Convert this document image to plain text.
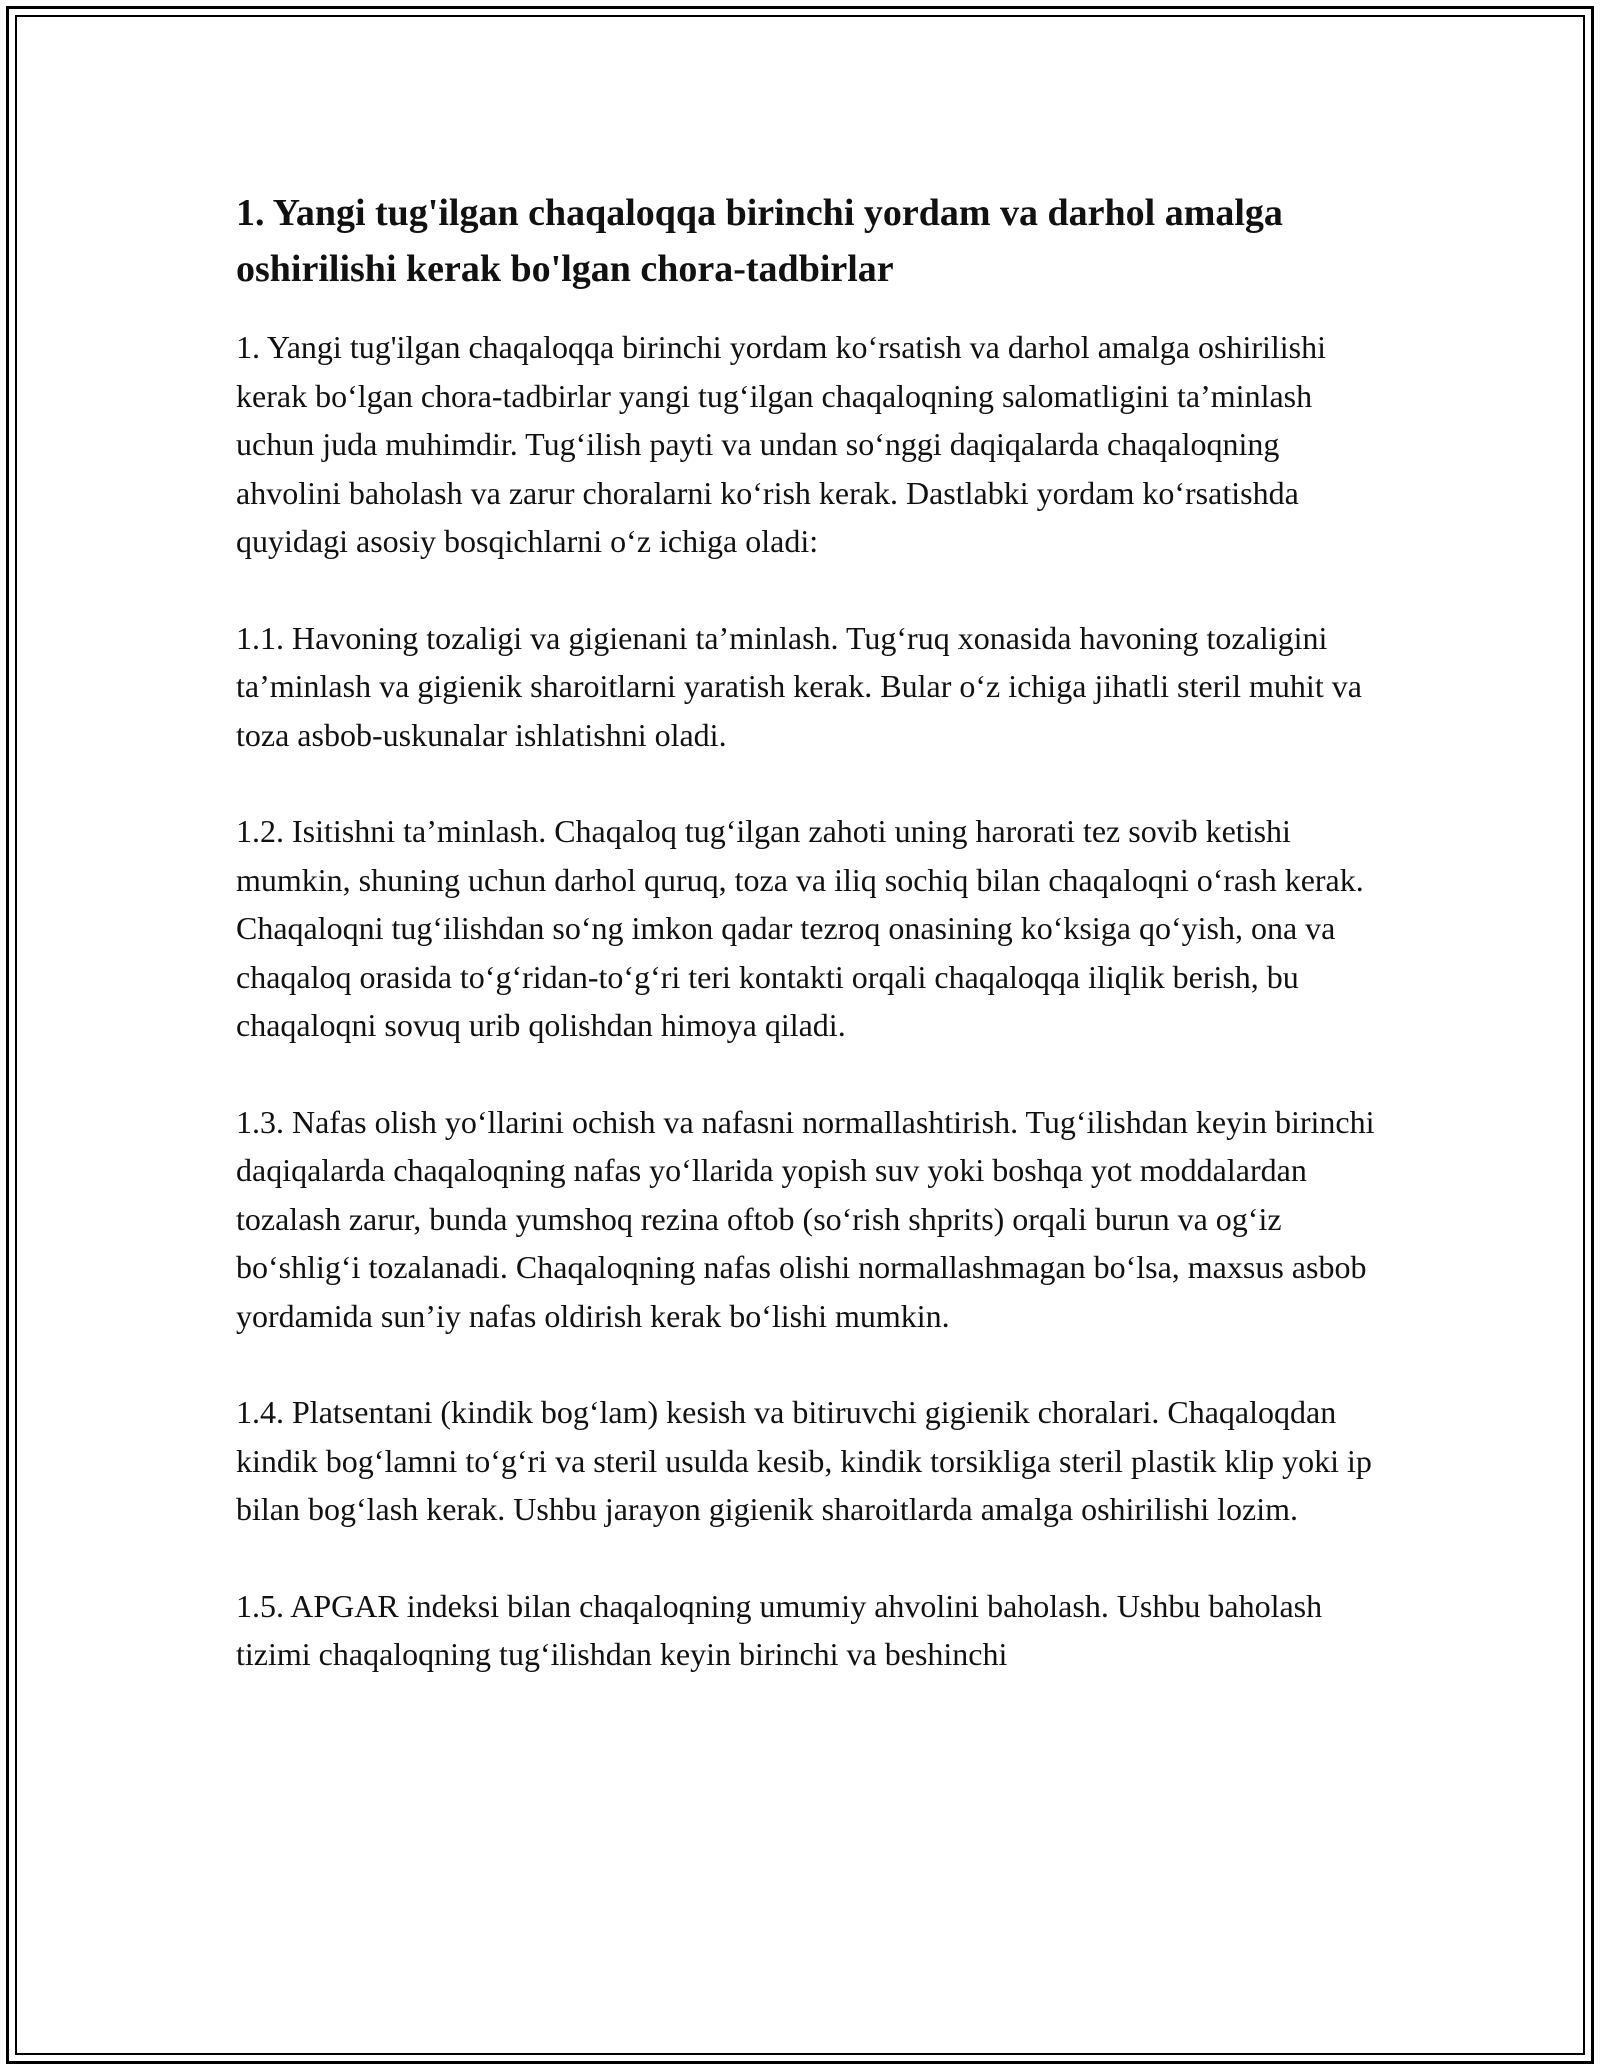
1. Yangi tug'ilgan chaqaloqqa birinchi yordam va darhol amalga oshirilishi kerak bo'lgan chora-tadbirlar

1. Yangi tug'ilgan chaqaloqqa birinchi yordam koʻrsatish va darhol amalga oshirilishi kerak boʻlgan chora-tadbirlar yangi tugʻilgan chaqaloqning salomatligini ta’minlash uchun juda muhimdir. Tugʻilish payti va undan soʻnggi daqiqalarda chaqaloqning ahvolini baholash va zarur choralarni koʻrish kerak. Dastlabki yordam koʻrsatishda quyidagi asosiy bosqichlarni oʻz ichiga oladi:

1.1. Havoning tozaligi va gigienani ta’minlash. Tugʻruq xonasida havoning tozaligini ta’minlash va gigienik sharoitlarni yaratish kerak. Bular oʻz ichiga jihatli steril muhit va toza asbob-uskunalar ishlatishni oladi.

1.2. Isitishni ta’minlash. Chaqaloq tugʻilgan zahoti uning harorati tez sovib ketishi mumkin, shuning uchun darhol quruq, toza va iliq sochiq bilan chaqaloqni oʻrash kerak. Chaqaloqni tugʻilishdan soʻng imkon qadar tezroq onasining koʻksiga qoʻyish, ona va chaqaloq orasida toʻgʻridan-toʻgʻri teri kontakti orqali chaqaloqqa iliqlik berish, bu chaqaloqni sovuq urib qolishdan himoya qiladi.

1.3. Nafas olish yoʻllarini ochish va nafasni normallashtirish. Tugʻilishdan keyin birinchi daqiqalarda chaqaloqning nafas yoʻllarida yopish suv yoki boshqa yot moddalardan tozalash zarur, bunda yumshoq rezina oftob (soʻrish shprits) orqali burun va ogʻiz boʻshligʻi tozalanadi. Chaqaloqning nafas olishi normallashmagan boʻlsa, maxsus asbob yordamida sun’iy nafas oldirish kerak boʻlishi mumkin.

1.4. Platsentani (kindik bogʻlam) kesish va bitiruvchi gigienik choralari. Chaqaloqdan kindik bogʻlamni toʻgʻri va steril usulda kesib, kindik torsikliga steril plastik klip yoki ip bilan bogʻlash kerak. Ushbu jarayon gigienik sharoitlarda amalga oshirilishi lozim.

1.5. APGAR indeksi bilan chaqaloqning umumiy ahvolini baholash. Ushbu baholash tizimi chaqaloqning tugʻilishdan keyin birinchi va beshinchi
